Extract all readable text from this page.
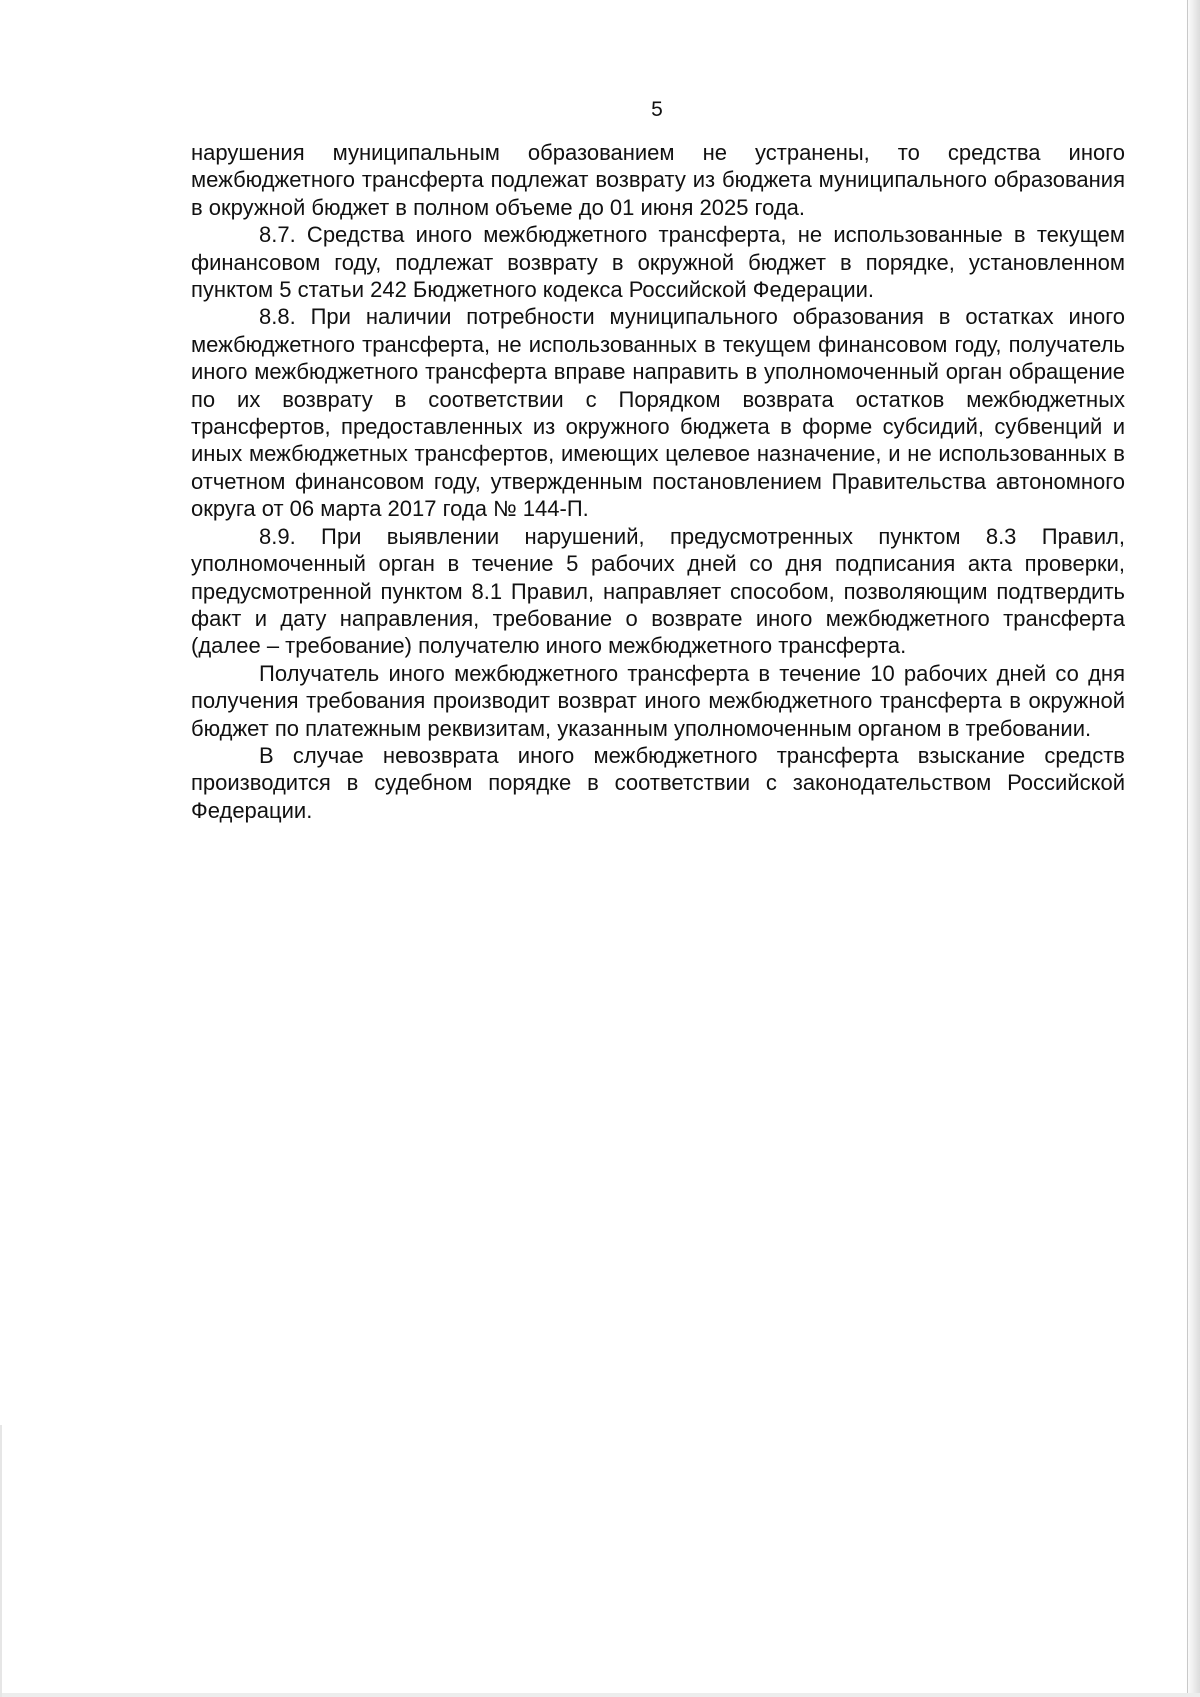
5

нарушения муниципальным образованием не устранены, то средства иного межбюджетного трансферта подлежат возврату из бюджета муниципального образования в окружной бюджет в полном объеме до 01 июня 2025 года.

8.7. Средства иного межбюджетного трансферта, не использованные в текущем финансовом году, подлежат возврату в окружной бюджет в порядке, установленном пунктом 5 статьи 242 Бюджетного кодекса Российской Федерации.

8.8. При наличии потребности муниципального образования в остатках иного межбюджетного трансферта, не использованных в текущем финансовом году, получатель иного межбюджетного трансферта вправе направить в уполномоченный орган обращение по их возврату в соответствии с Порядком возврата остатков межбюджетных трансфертов, предоставленных из окружного бюджета в форме субсидий, субвенций и иных межбюджетных трансфертов, имеющих целевое назначение, и не использованных в отчетном финансовом году, утвержденным постановлением Правительства автономного округа от 06 марта 2017 года № 144-П.

8.9. При выявлении нарушений, предусмотренных пунктом 8.3 Правил, уполномоченный орган в течение 5 рабочих дней со дня подписания акта проверки, предусмотренной пунктом 8.1 Правил, направляет способом, позволяющим подтвердить факт и дату направления, требование о возврате иного межбюджетного трансферта (далее – требование) получателю иного межбюджетного трансферта.

Получатель иного межбюджетного трансферта в течение 10 рабочих дней со дня получения требования производит возврат иного межбюджетного трансферта в окружной бюджет по платежным реквизитам, указанным уполномоченным органом в требовании.

В случае невозврата иного межбюджетного трансферта взыскание средств производится в судебном порядке в соответствии с законодательством Российской Федерации.
